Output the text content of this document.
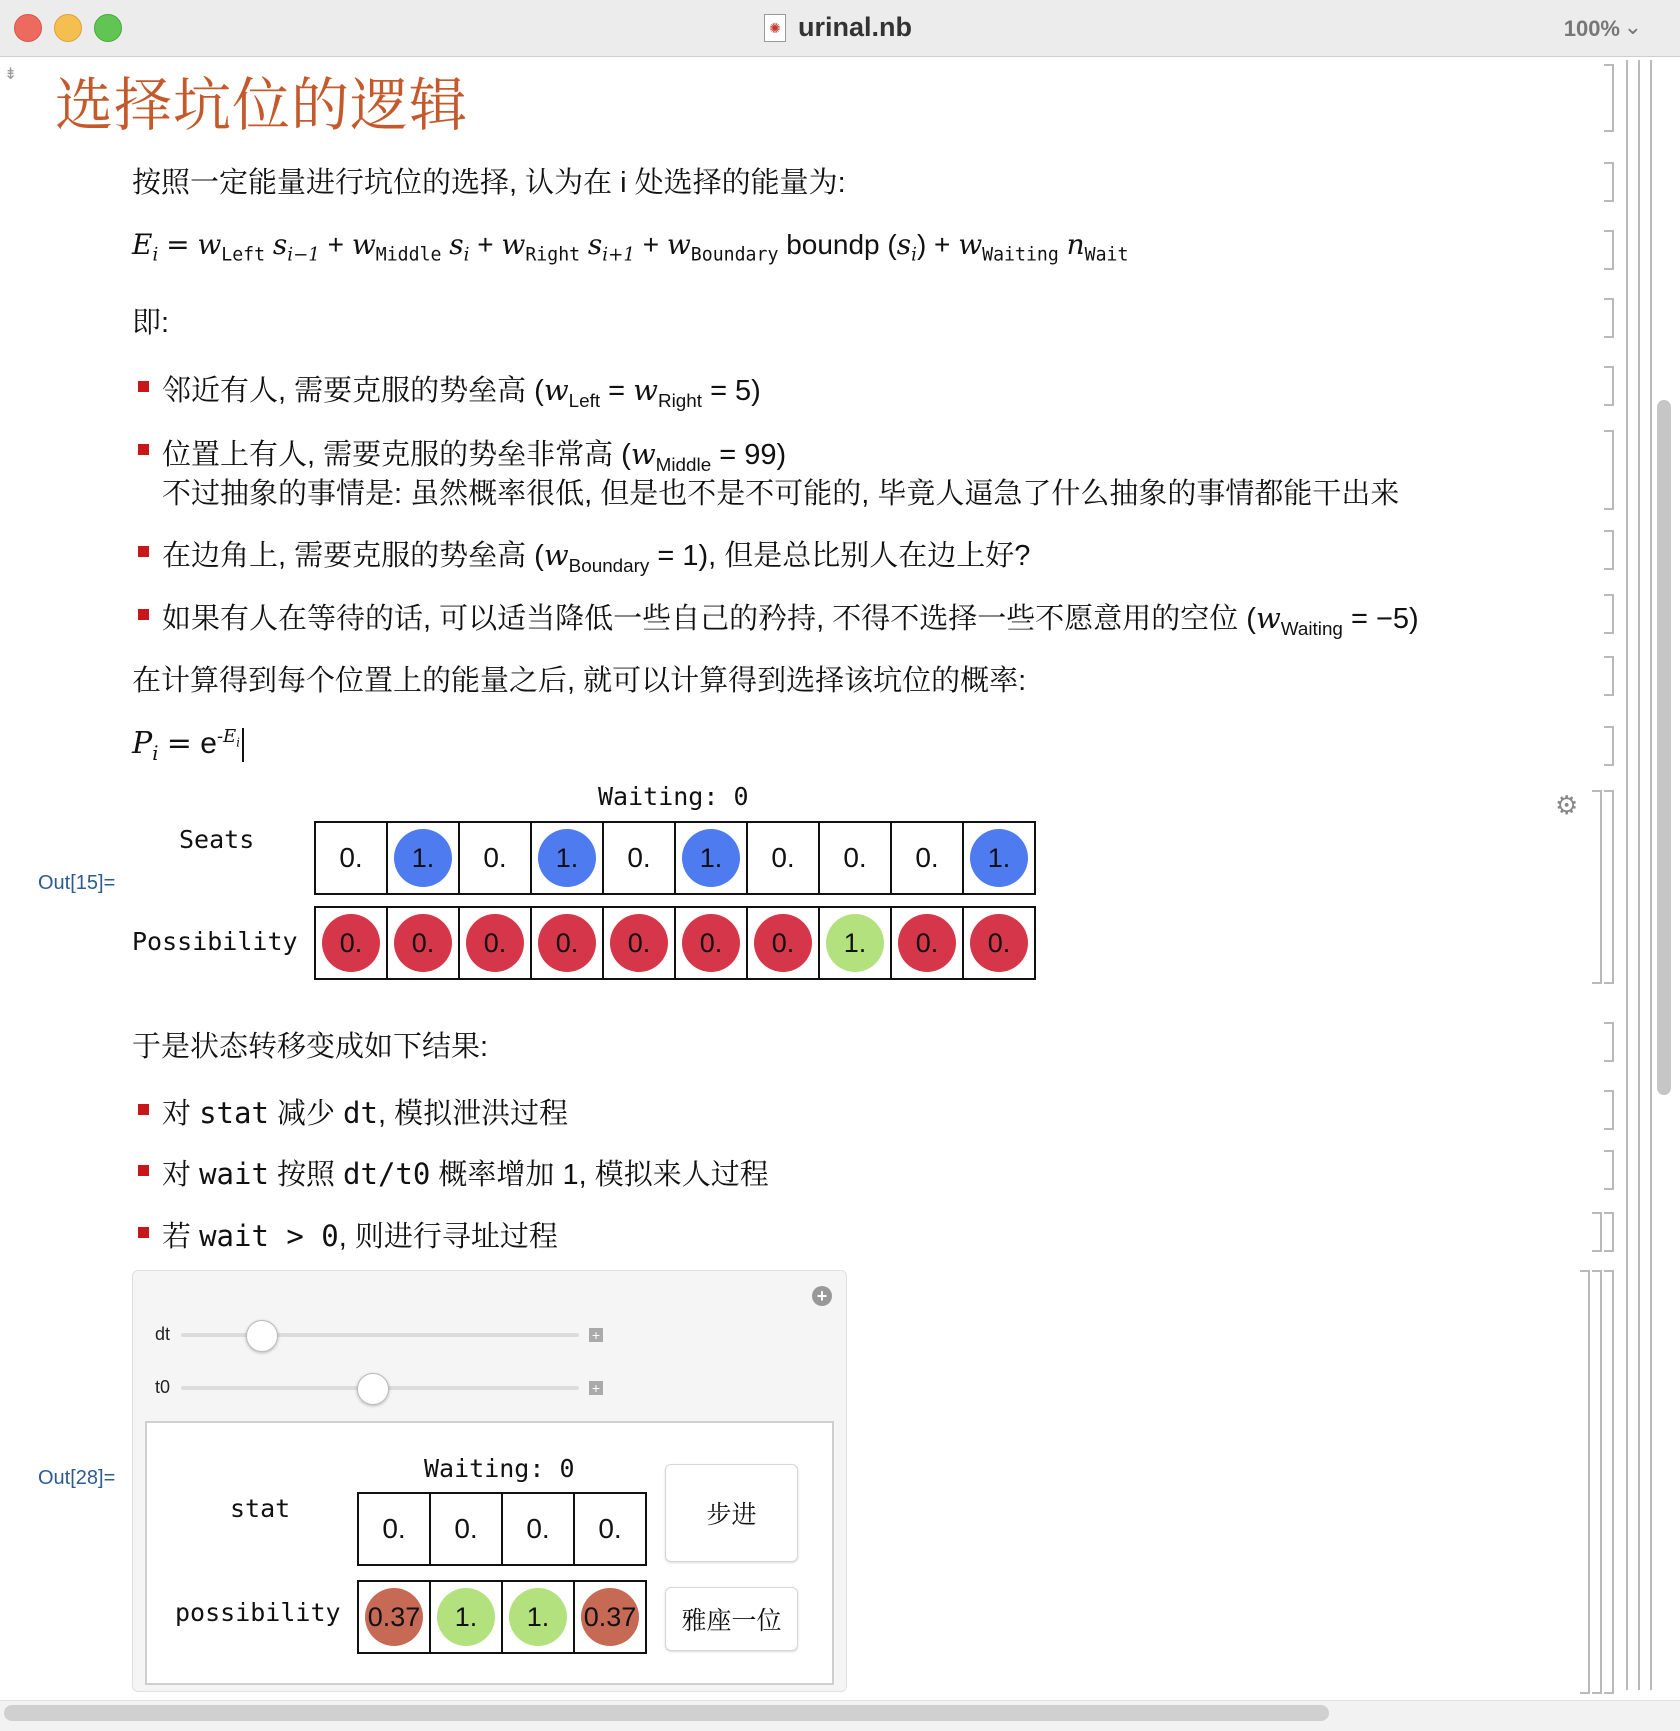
✺ urinal.nb	100% ⌄
⇟ 选择坑位的逻辑
按照一定能量进行坑位的选择, 认为在 i 处选择的能量为:
$E_i = w_{Left}$ $s_{i-1} + w_{Middle}$ $s_i + w_{Right}$ $s_{i+1} + w_{Boundary}$ boundp $(s_i) + w_{Waiting}$ $n_{Wait}$
即:
邻近有人, 需要克服的势垒高 $(w_{Left} = w_{Right} = 5)$
位置上有人, 需要克服的势垒非常高 $(w_{Middle} = 99)$
不过抽象的事情是: 虽然概率很低, 但是也不是不可能的, 毕竟人逼急了什么抽象的事情都能干出来
在边角上, 需要克服的势垒高 $(w_{Boundary} = 1)$, 但是总比别人在边上好?
如果有人在等待的话, 可以适当降低一些自己的矜持, 不得不选择一些不愿意用的空位 $(w_{Waiting} = -5)$
在计算得到每个位置上的能量之后, 就可以计算得到选择该坑位的概率:
$P_i = e^{-E_i}$
Waiting: 0
Seats
Out[15]=
Possibility
0.	1.	0.	1.	0.	1.	0. 0. 0.	1.
0.	0.	0.	0.	0.	0.	0.	1.	0.	0.
于是状态转移变成如下结果:
对 stat 减少 dt, 模拟泄洪过程
对 wait 按照 dt/t0 概率增加 1, 模拟来人过程
若 wait > 0, 则进行寻址过程
+
dt	+
t0	+
Out[28]=	Waiting: 0
stat
possibility
0. 0. 0. 0.
0.37	1.	1.	0.37
步进
雅座一位
⚙
